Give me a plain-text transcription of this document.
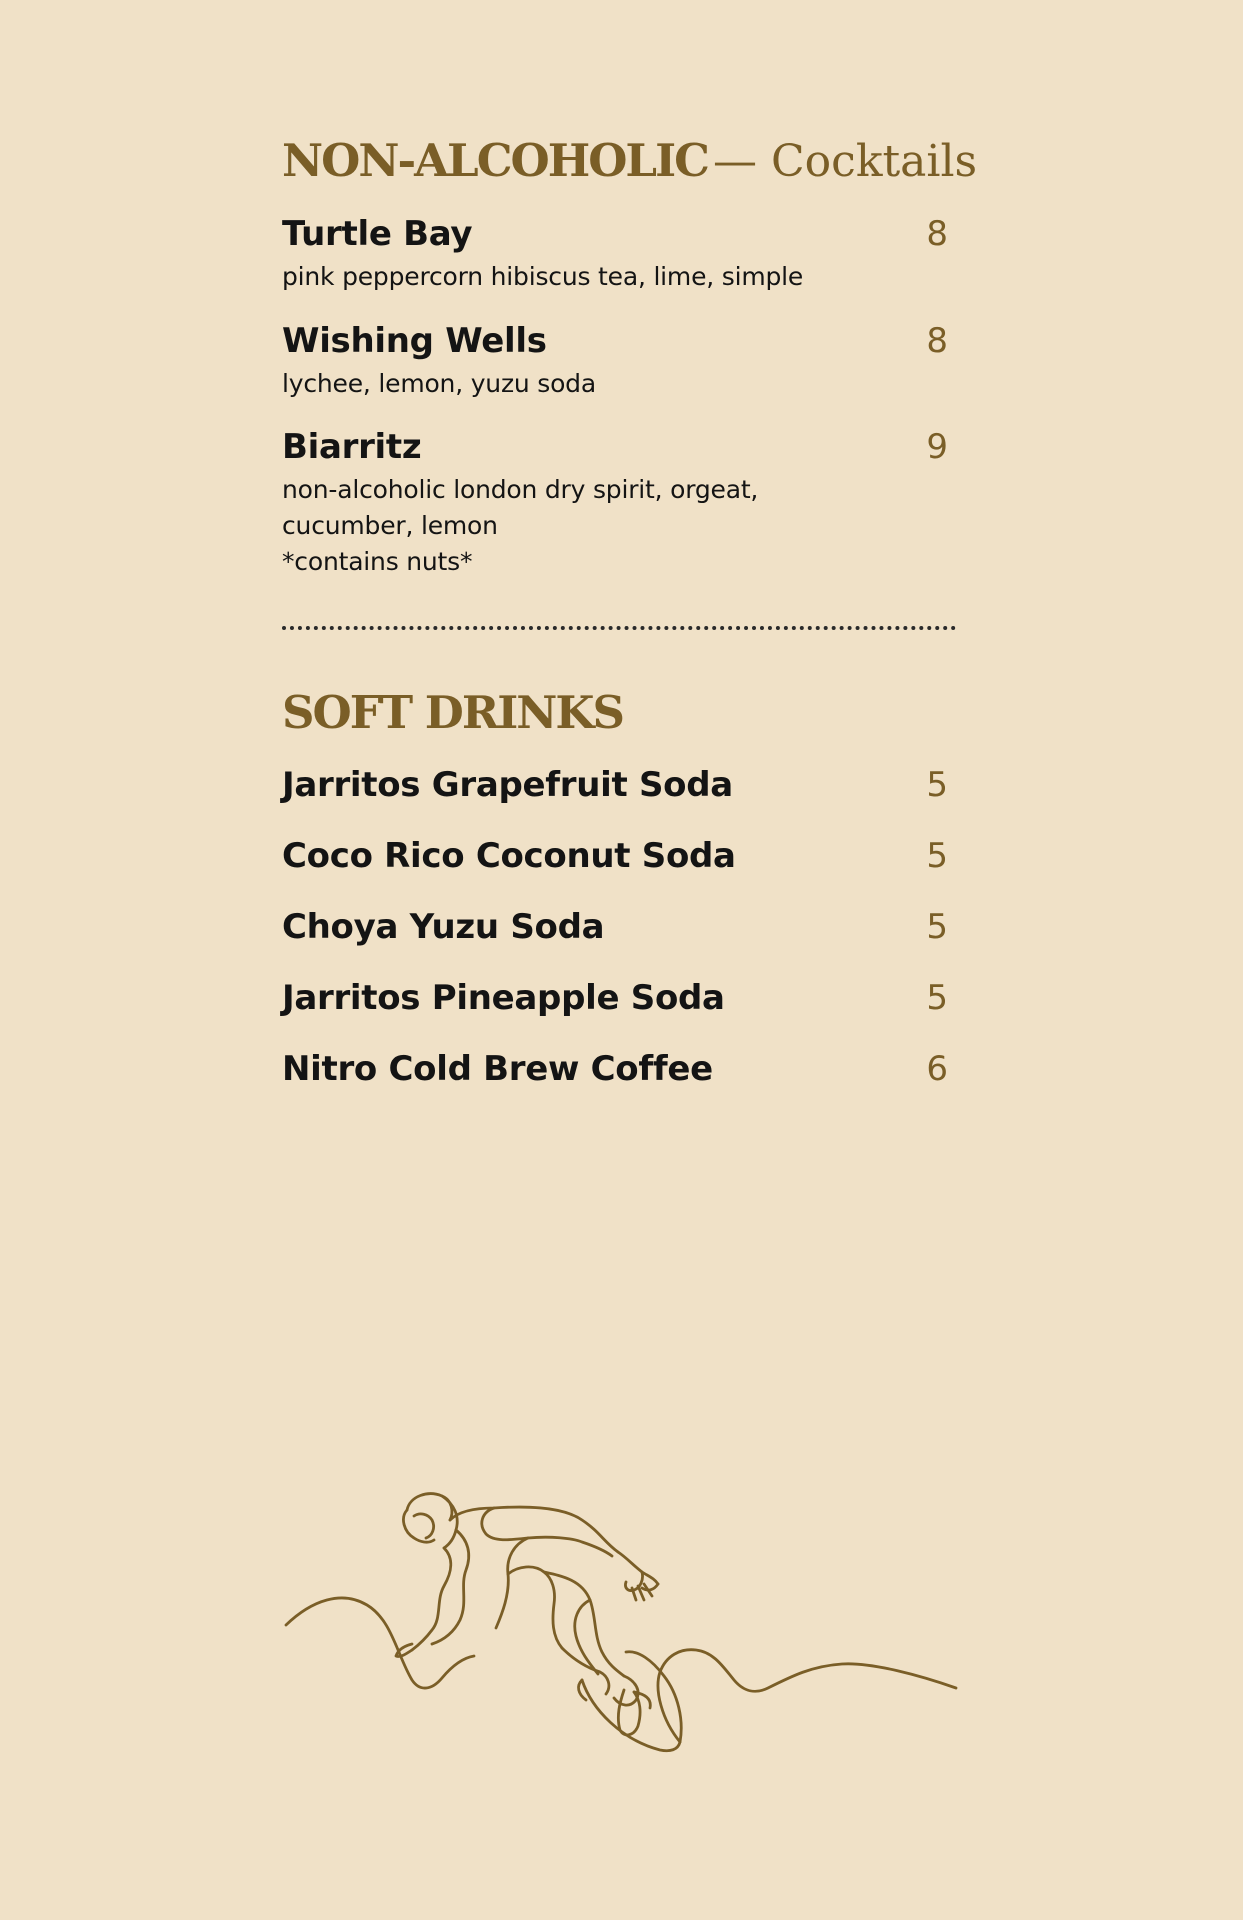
NON-ALCOHOLIC — Cocktails
Turtle Bay	8
pink peppercorn hibiscus tea, lime, simple
Wishing Wells	8
lychee, lemon, yuzu soda
Biarritz	9
non-alcoholic london dry spirit, orgeat,
cucumber, lemon
*contains nuts*
SOFT DRINKS
Jarritos Grapefruit Soda	5
Coco Rico Coconut Soda	5
Choya Yuzu Soda	5
Jarritos Pineapple Soda	5
Nitro Cold Brew Coffee	6
